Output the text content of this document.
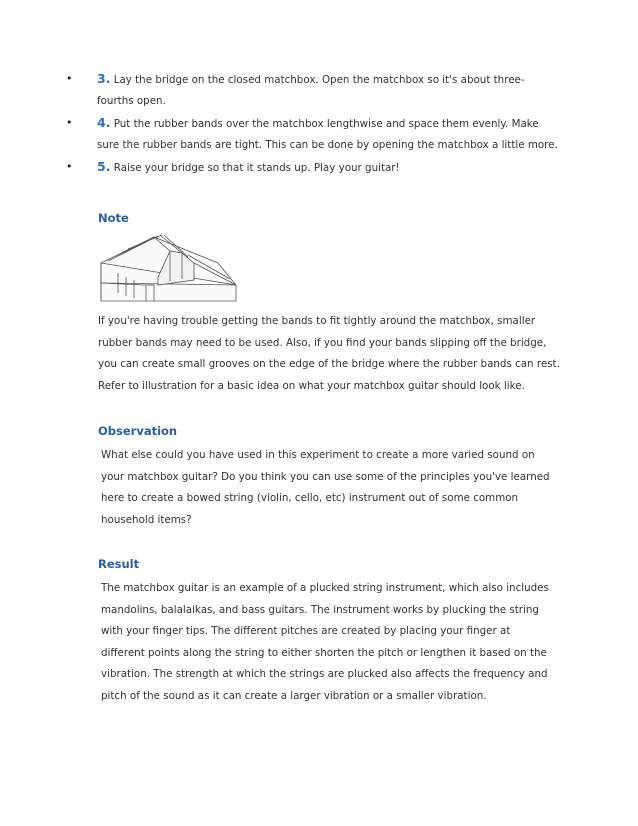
• 3. Lay the bridge on the closed matchbox. Open the matchbox so it's about three-
fourths open.
• 4. Put the rubber bands over the matchbox lengthwise and space them evenly. Make
sure the rubber bands are tight. This can be done by opening the matchbox a little more.
• 5. Raise your bridge so that it stands up. Play your guitar!
Note
If you're having trouble getting the bands to fit tightly around the matchbox, smaller
rubber bands may need to be used. Also, if you find your bands slipping off the bridge,
you can create small grooves on the edge of the bridge where the rubber bands can rest.
Refer to illustration for a basic idea on what your matchbox guitar should look like.
Observation
What else could you have used in this experiment to create a more varied sound on
your matchbox guitar? Do you think you can use some of the principles you've learned
here to create a bowed string (violin, cello, etc) instrument out of some common
household items?
Result
The matchbox guitar is an example of a plucked string instrument, which also includes
mandolins, balalaikas, and bass guitars. The instrument works by plucking the string
with your finger tips. The different pitches are created by placing your finger at
different points along the string to either shorten the pitch or lengthen it based on the
vibration. The strength at which the strings are plucked also affects the frequency and
pitch of the sound as it can create a larger vibration or a smaller vibration.
